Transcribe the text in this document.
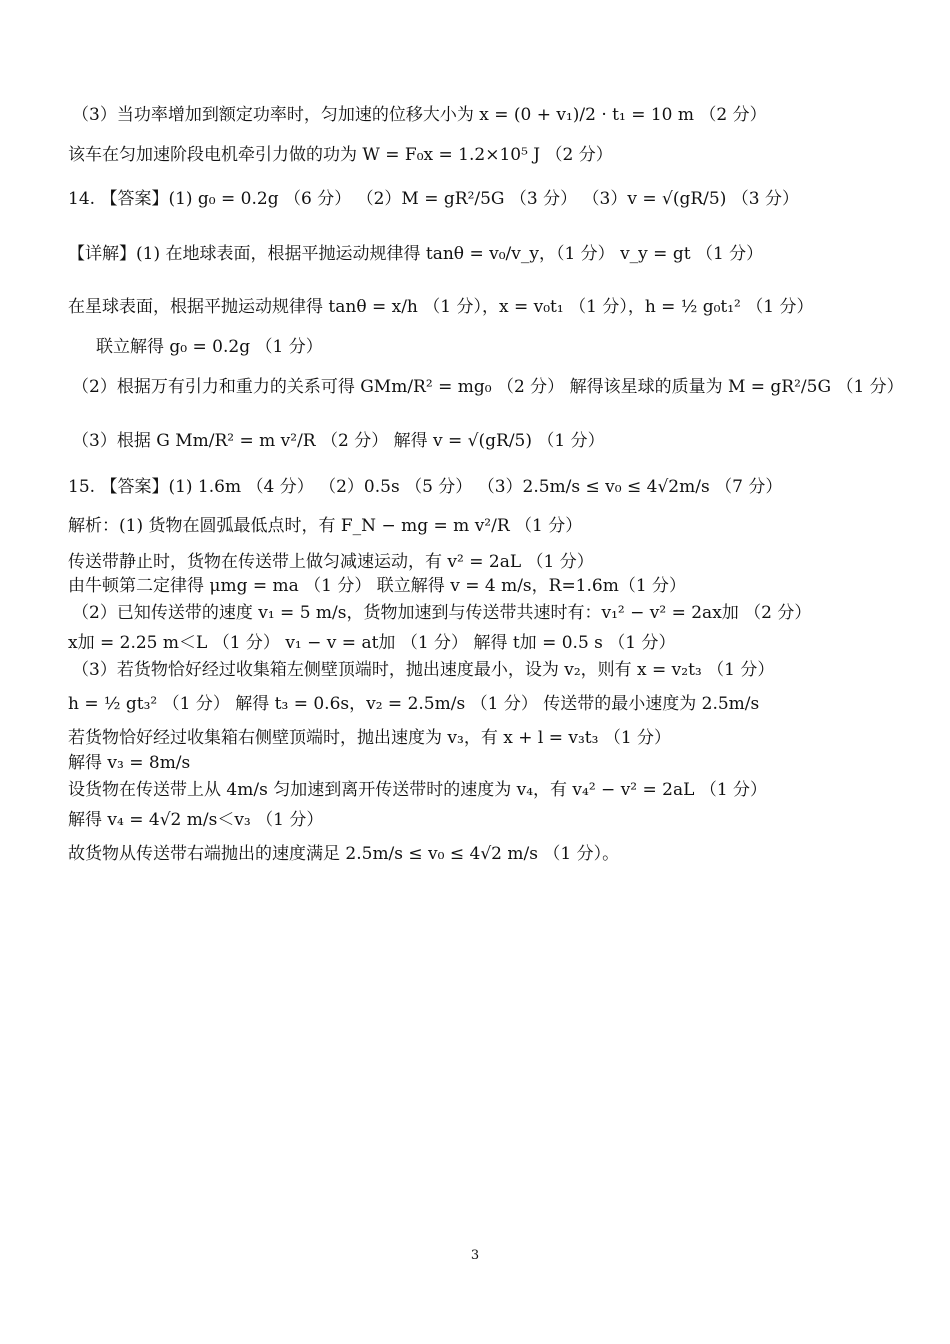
（3）当功率增加到额定功率时，匀加速的位移大小为 x = (0 + v₁)/2 · t₁ = 10 m （2 分）
该车在匀加速阶段电机牵引力做的功为 W = F₀x = 1.2×10⁵ J （2 分）
14. 【答案】(1) g₀ = 0.2g （6 分） （2）M = gR²/5G （3 分） （3）v = √(gR/5) （3 分）
【详解】(1) 在地球表面，根据平抛运动规律得 tanθ = v₀/v_y，（1 分） v_y = gt （1 分）
在星球表面，根据平抛运动规律得 tanθ = x/h （1 分），x = v₀t₁ （1 分），h = ½ g₀t₁² （1 分）
联立解得 g₀ = 0.2g （1 分）
（2）根据万有引力和重力的关系可得 GMm/R² = mg₀ （2 分） 解得该星球的质量为 M = gR²/5G （1 分）
（3）根据 G Mm/R² = m v²/R （2 分） 解得 v = √(gR/5) （1 分）
15. 【答案】(1) 1.6m （4 分） （2）0.5s （5 分） （3）2.5m/s ≤ v₀ ≤ 4√2m/s （7 分）
解析：(1) 货物在圆弧最低点时，有 F_N − mg = m v²/R （1 分）
传送带静止时，货物在传送带上做匀减速运动，有 v² = 2aL （1 分）
由牛顿第二定律得 μmg = ma （1 分） 联立解得 v = 4 m/s，R=1.6m（1 分）
（2）已知传送带的速度 v₁ = 5 m/s，货物加速到与传送带共速时有：v₁² − v² = 2ax加 （2 分）
x加 = 2.25 m＜L （1 分） v₁ − v = at加 （1 分） 解得 t加 = 0.5 s （1 分）
（3）若货物恰好经过收集箱左侧壁顶端时，抛出速度最小，设为 v₂，则有 x = v₂t₃ （1 分）
h = ½ gt₃² （1 分） 解得 t₃ = 0.6s，v₂ = 2.5m/s （1 分） 传送带的最小速度为 2.5m/s
若货物恰好经过收集箱右侧壁顶端时，抛出速度为 v₃，有 x + l = v₃t₃ （1 分）
解得 v₃ = 8m/s
设货物在传送带上从 4m/s 匀加速到离开传送带时的速度为 v₄，有 v₄² − v² = 2aL （1 分）
解得 v₄ = 4√2 m/s＜v₃ （1 分）
故货物从传送带右端抛出的速度满足 2.5m/s ≤ v₀ ≤ 4√2 m/s （1 分）。
3
